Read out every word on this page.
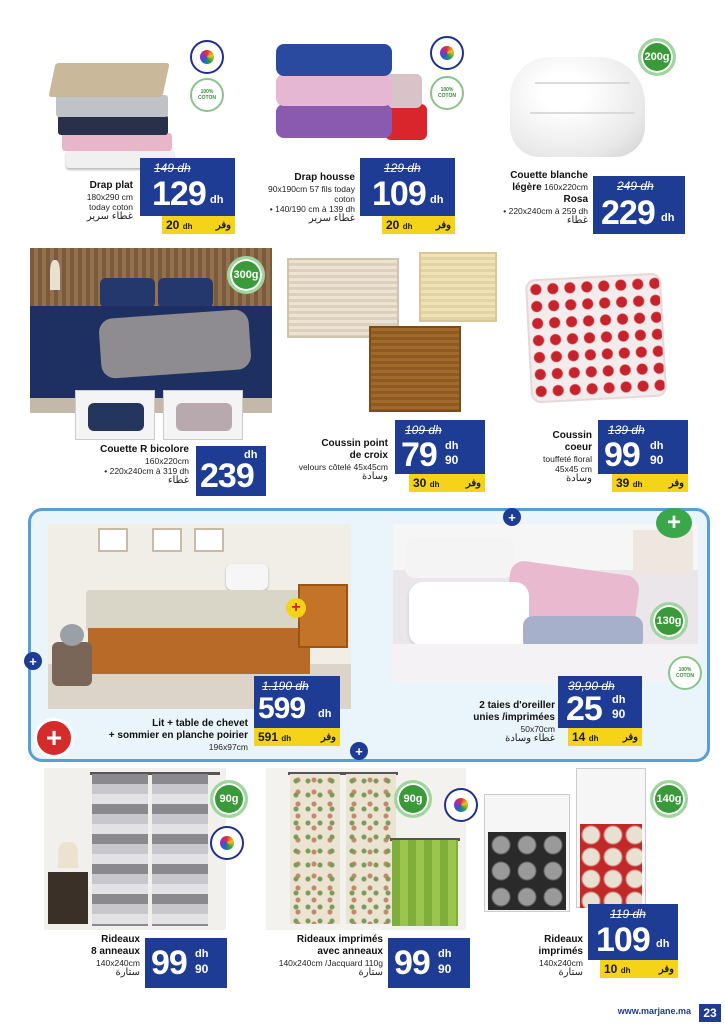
100% COTON
149 dh
129 dh
20 dh وفر
Drap plat
180x290 cm
today coton
غطاء سرير
100% COTON
129 dh
109 dh
20 dh وفر
Drap housse
90x190cm 57 fils today
coton
• 140/190 cm à 139 dh
غطاء سرير
200g
249 dh
229 dh
Couette blanche
légère 160x220cm
Rosa
• 220x240cm à 259 dh
غطاء
300g
239
dh
Couette R bicolore
160x220cm
• 220x240cm à 319 dh
غطاء
109 dh
79 dh
90
30 dh	وفر
Coussin point
de croix
velours côtelé 45x45cm
وسادة
139 dh
99 dh
90
39 dh	وفر
Coussin
coeur
touffeté floral
45x45 cm
وسادة
+
1.190 dh
599 dh
591 dh	وفر
Lit + table de chevet
+ sommier en planche poirier
196x97cm
130g
100% COTON
39,90 dh
25 dh
90
14 dh وفر
2 taies d'oreiller
unies /imprimées
50x70cm
غطاء وسادة
+
+
+
+	+
90g
99 dh
90
Rideaux
8 anneaux
140x240cm
ستارة
90g
99 dh
90
Rideaux imprimés
avec anneaux
140x240cm /Jacquard 110g
ستارة
140g
119 dh
109 dh
10 dh	وفر
Rideaux
imprimés
140x240cm
ستارة
www.marjane.ma	23
